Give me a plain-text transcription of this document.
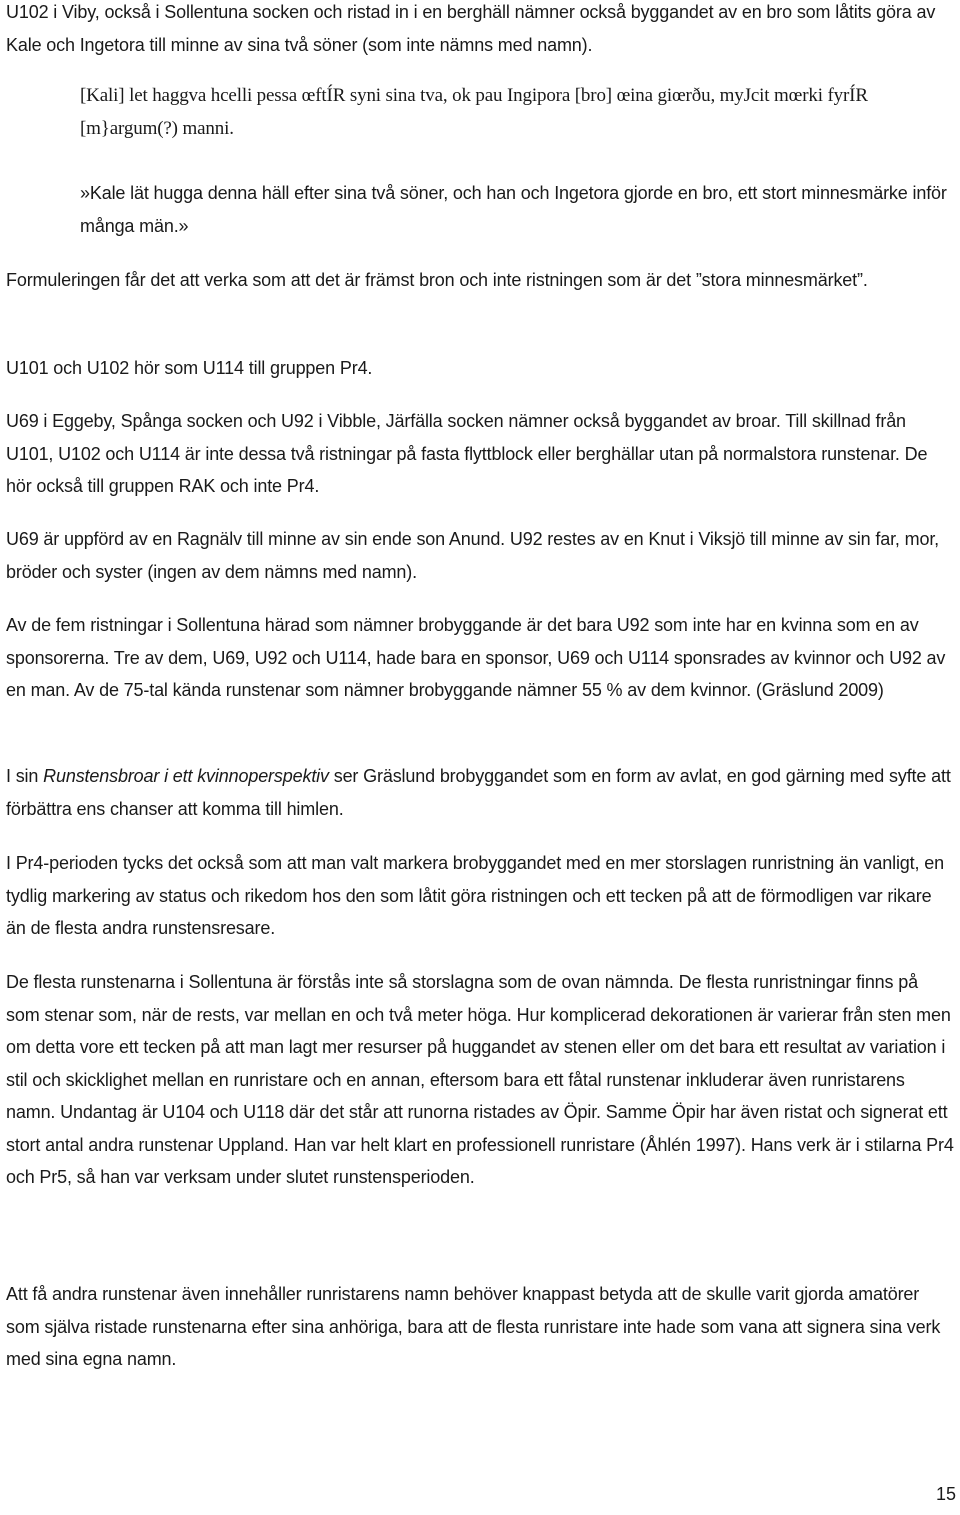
U102 i Viby, också i Sollentuna socken och ristad in i en berghäll nämner också byggandet av en bro som låtits göra av Kale och Ingetora till minne av sina två söner (som inte nämns med namn).

[Kali] let haggva hcelli pessa œftÍR syni sina tva, ok pau Ingipora [bro] œina giœrðu, myJcit mœrki fyrÍR [m}argum(?) manni.

»Kale lät hugga denna häll efter sina två söner, och han och Ingetora gjorde en bro, ett stort minnesmärke inför många män.»

Formuleringen får det att verka som att det är främst bron och inte ristningen som är det ”stora minnesmärket”.

U101 och U102 hör som U114 till gruppen Pr4.

U69 i Eggeby, Spånga socken och U92 i Vibble, Järfälla socken nämner också byggandet av broar. Till skillnad från U101, U102 och U114 är inte dessa två ristningar på fasta flyttblock eller berghällar utan på normalstora runstenar. De hör också till gruppen RAK och inte Pr4.

U69 är uppförd av en Ragnälv till minne av sin ende son Anund. U92 restes av en Knut i Viksjö till minne av sin far, mor, bröder och syster (ingen av dem nämns med namn).

Av de fem ristningar i Sollentuna härad som nämner brobyggande är det bara U92 som inte har en kvinna som en av sponsorerna. Tre av dem, U69, U92 och U114, hade bara en sponsor, U69 och U114 sponsrades av kvinnor och U92 av en man. Av de 75-tal kända runstenar som nämner brobyggande nämner 55 % av dem kvinnor. (Gräslund 2009)

I sin Runstensbroar i ett kvinnoperspektiv ser Gräslund brobyggandet som en form av avlat, en god gärning med syfte att förbättra ens chanser att komma till himlen.

I Pr4-perioden tycks det också som att man valt markera brobyggandet med en mer storslagen runristning än vanligt, en tydlig markering av status och rikedom hos den som låtit göra ristningen och ett tecken på att de förmodligen var rikare än de flesta andra runstensresare.

De flesta runstenarna i Sollentuna är förstås inte så storslagna som de ovan nämnda. De flesta runristningar finns på som stenar som, när de rests, var mellan en och två meter höga. Hur komplicerad dekorationen är varierar från sten men om detta vore ett tecken på att man lagt mer resurser på huggandet av stenen eller om det bara ett resultat av variation i stil och skicklighet mellan en runristare och en annan, eftersom bara ett fåtal runstenar inkluderar även runristarens namn. Undantag är U104 och U118 där det står att runorna ristades av Öpir. Samme Öpir har även ristat och signerat ett stort antal andra runstenar Uppland. Han var helt klart en professionell runristare (Åhlén 1997). Hans verk är i stilarna Pr4 och Pr5, så han var verksam under slutet runstensperioden.

Att få andra runstenar även innehåller runristarens namn behöver knappast betyda att de skulle varit gjorda amatörer som själva ristade runstenarna efter sina anhöriga, bara att de flesta runristare inte hade som vana att signera sina verk med sina egna namn.

15
